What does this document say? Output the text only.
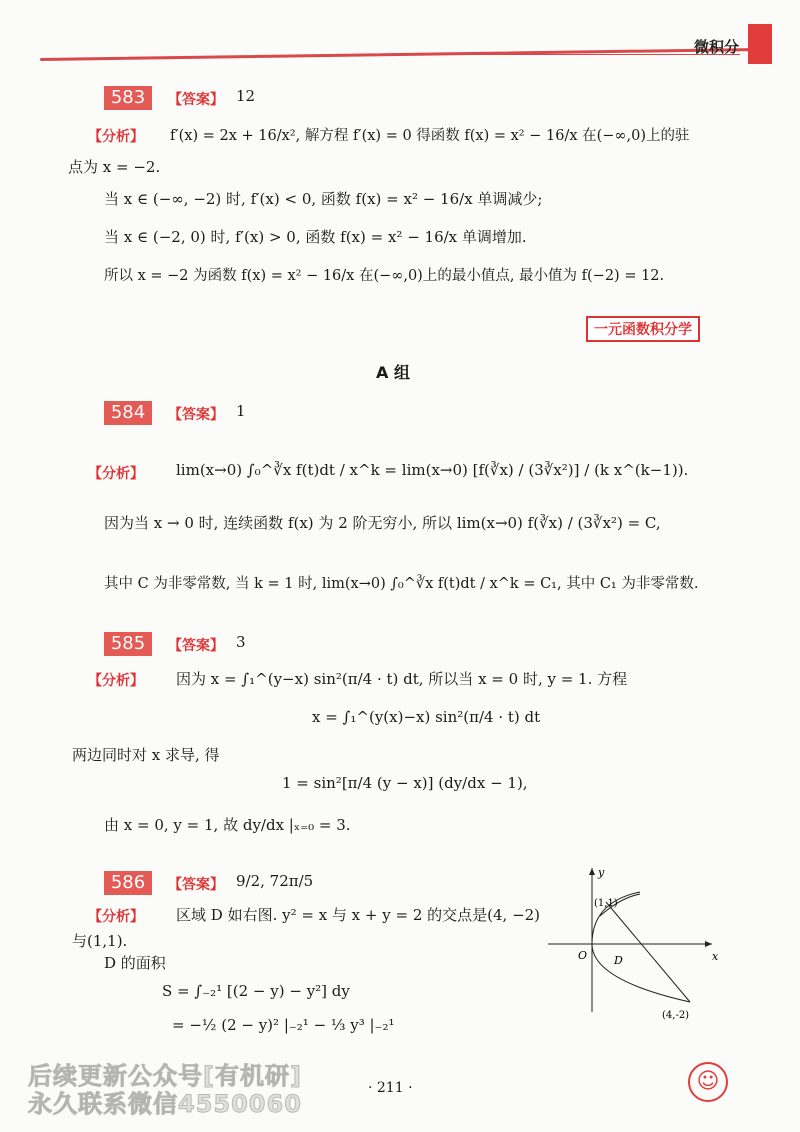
微积分
583	【答案】 12
【分析】 f′(x) = 2x + 16/x², 解方程 f′(x) = 0 得函数 f(x) = x² − 16/x 在(−∞,0)上的驻
点为 x = −2.
当 x ∈ (−∞, −2) 时, f′(x) < 0, 函数 f(x) = x² − 16/x 单调减少;
当 x ∈ (−2, 0) 时, f′(x) > 0, 函数 f(x) = x² − 16/x 单调增加.
所以 x = −2 为函数 f(x) = x² − 16/x 在(−∞,0)上的最小值点, 最小值为 f(−2) = 12.
一元函数积分学
A 组
584	【答案】 1
【分析】 lim(x→0) ∫₀^∛x f(t)dt / x^k = lim(x→0) [f(∛x) / (3∛x²)] / (k x^(k−1)).
因为当 x → 0 时, 连续函数 f(x) 为 2 阶无穷小, 所以 lim(x→0) f(∛x) / (3∛x²) = C,
其中 C 为非零常数, 当 k = 1 时, lim(x→0) ∫₀^∛x f(t)dt / x^k = C₁, 其中 C₁ 为非零常数.
585	【答案】 3
【分析】 因为 x = ∫₁^(y−x) sin²(π/4 · t) dt, 所以当 x = 0 时, y = 1. 方程
x = ∫₁^(y(x)−x) sin²(π/4 · t) dt
两边同时对 x 求导, 得
1 = sin²[π/4 (y − x)] (dy/dx − 1),
由 x = 0, y = 1, 故 dy/dx |ₓ₌₀ = 3.
586	【答案】 9/2, 72π/5
【分析】 区域 D 如右图. y² = x 与 x + y = 2 的交点是(4, −2)
与(1,1).
D 的面积
S = ∫₋₂¹ [(2 − y) − y²] dy
= −½ (2 − y)² |₋₂¹ − ⅓ y³ |₋₂¹
x
y
O D
(1,1)
(4,-2)
· 211 ·
后续更新公众号[有机研]
永久联系微信4550060
☺
